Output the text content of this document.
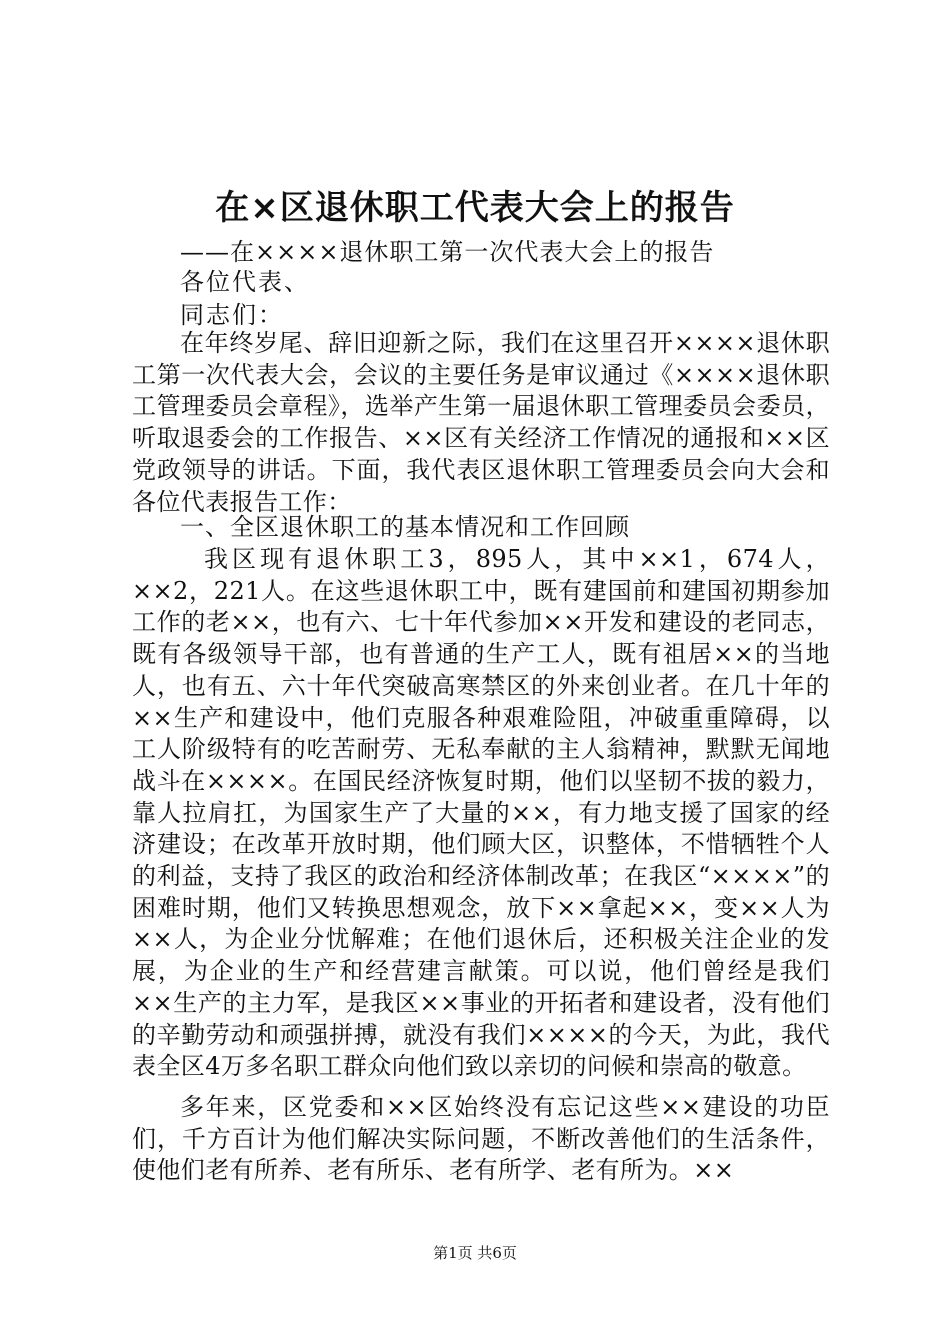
在×区退休职工代表大会上的报告
——在××××退休职工第一次代表大会上的报告
各位代表、
同志们：

在年终岁尾、辞旧迎新之际，我们在这里召开××××退休职工第一次代表大会，会议的主要任务是审议通过《××××退休职工管理委员会章程》，选举产生第一届退休职工管理委员会委员，听取退委会的工作报告、××区有关经济工作情况的通报和××区党政领导的讲话。下面，我代表区退休职工管理委员会向大会和各位代表报告工作：

一、全区退休职工的基本情况和工作回顾

我区现有退休职工3，895人，其中××1，674人，××2，221人。在这些退休职工中，既有建国前和建国初期参加工作的老××，也有六、七十年代参加××开发和建设的老同志，既有各级领导干部，也有普通的生产工人，既有祖居××的当地人，也有五、六十年代突破高寒禁区的外来创业者。在几十年的××生产和建设中，他们克服各种艰难险阻，冲破重重障碍，以工人阶级特有的吃苦耐劳、无私奉献的主人翁精神，默默无闻地战斗在××××。在国民经济恢复时期，他们以坚韧不拔的毅力，靠人拉肩扛，为国家生产了大量的××，有力地支援了国家的经济建设；在改革开放时期，他们顾大区，识整体，不惜牺牲个人的利益，支持了我区的政治和经济体制改革；在我区“××××”的困难时期，他们又转换思想观念，放下××拿起××，变××人为××人，为企业分忧解难；在他们退休后，还积极关注企业的发展，为企业的生产和经营建言献策。可以说，他们曾经是我们××生产的主力军，是我区××事业的开拓者和建设者，没有他们的辛勤劳动和顽强拼搏，就没有我们××××的今天，为此，我代表全区4万多名职工群众向他们致以亲切的问候和崇高的敬意。

多年来，区党委和××区始终没有忘记这些××建设的功臣们，千方百计为他们解决实际问题，不断改善他们的生活条件，使他们老有所养、老有所乐、老有所学、老有所为。××

第1页 共6页
